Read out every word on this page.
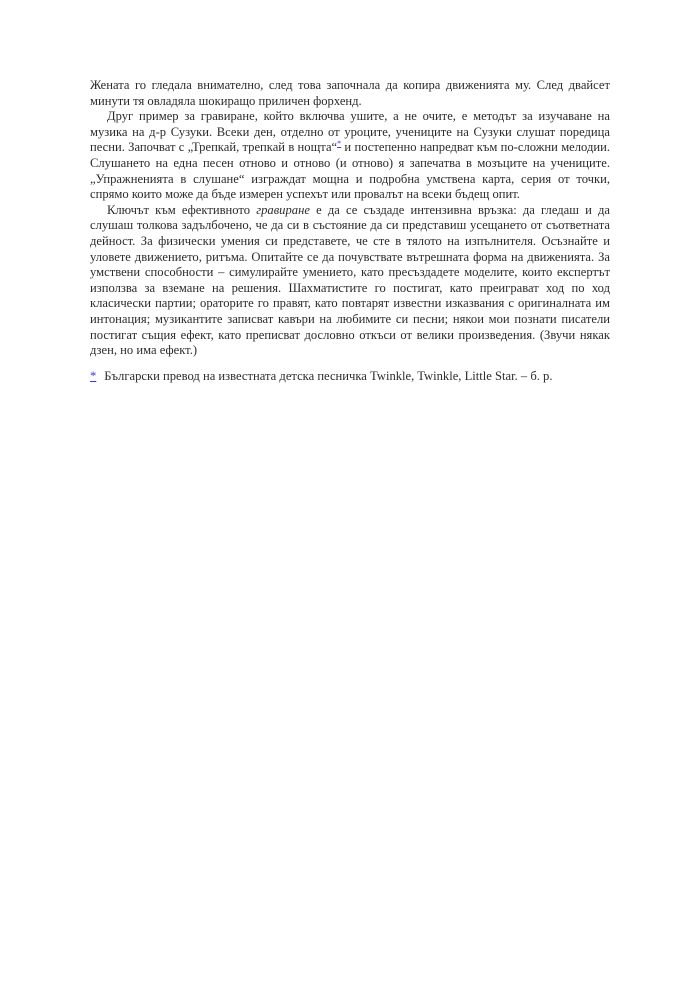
Жената го гледала внимателно, след това започнала да копира движенията му. След двайсет минути тя овладяла шокиращо приличен форхенд.

Друг пример за гравиране, който включва ушите, а не очите, е методът за изучаване на музика на д-р Сузуки. Всеки ден, отделно от уроците, учениците на Сузуки слушат поредица песни. Започват с „Трепкай, трепкай в нощта“* и постепенно напредват към по-сложни мелодии. Слушането на една песен отново и отново (и отново) я запечатва в мозъците на учениците. „Упражненията в слушане“ изграждат мощна и подробна умствена карта, серия от точки, спрямо които може да бъде измерен успехът или провалът на всеки бъдещ опит.

Ключът към ефективното гравиране е да се създаде интензивна връзка: да гледаш и да слушаш толкова задълбочено, че да си в състояние да си представиш усещането от съответната дейност. За физически умения си представете, че сте в тялото на изпълнителя. Осъзнайте и уловете движението, ритъма. Опитайте се да почувствате вътрешната форма на движенията. За умствени способности – симулирайте умението, като пресъздадете моделите, които експертът използва за вземане на решения. Шахматистите го постигат, като преиграват ход по ход класически партии; ораторите го правят, като повтарят известни изказвания с оригиналната им интонация; музикантите записват кавъри на любимите си песни; някои мои познати писатели постигат същия ефект, като преписват дословно откъси от велики произведения. (Звучи някак дзен, но има ефект.)

* Български превод на известната детска песничка Twinkle, Twinkle, Little Star. – б. р.
